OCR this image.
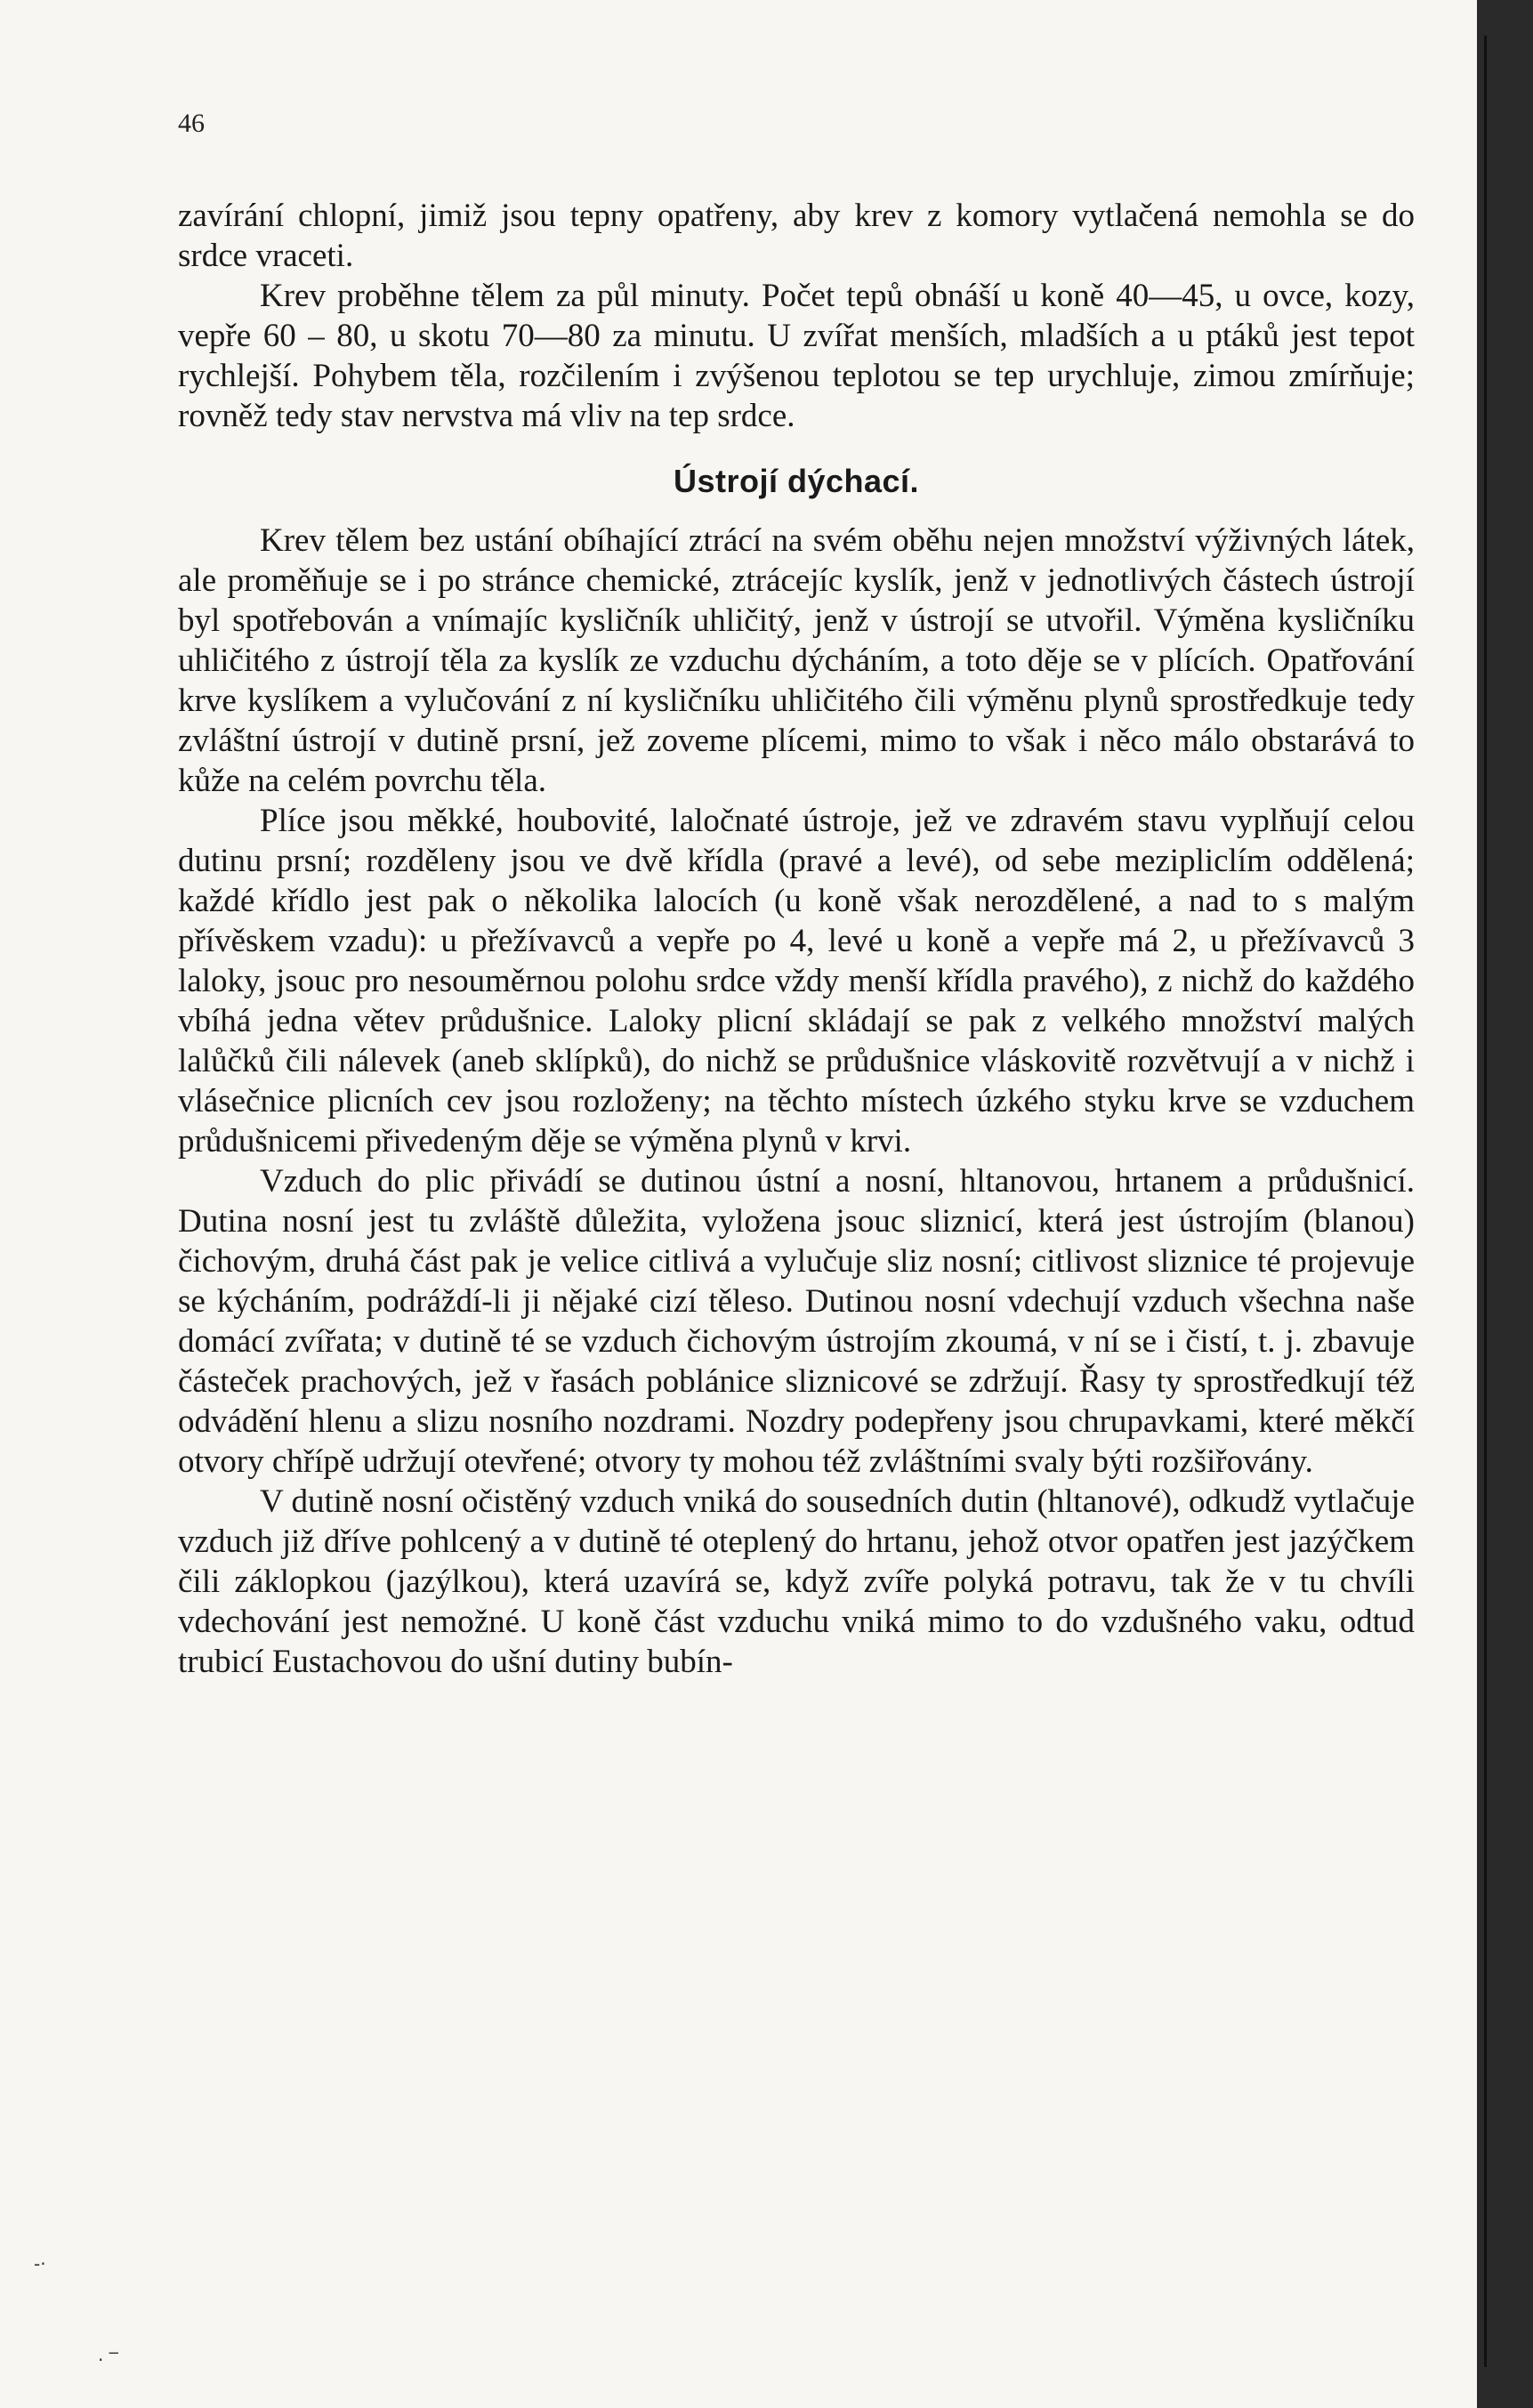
46

zavírání chlopní, jimiž jsou tepny opatřeny, aby krev z komory vytlačená nemohla se do srdce vraceti.

Krev proběhne tělem za půl minuty. Počet tepů obnáší u koně 40—45, u ovce, kozy, vepře 60 – 80, u skotu 70—80 za minutu. U zvířat menších, mladších a u ptáků jest tepot rychlejší. Pohybem těla, rozčilením i zvýšenou teplotou se tep urychluje, zimou zmírňuje; rovněž tedy stav nervstva má vliv na tep srdce.

Ústrojí dýchací.

Krev tělem bez ustání obíhající ztrácí na svém oběhu nejen množství výživných látek, ale proměňuje se i po stránce chemické, ztrácejíc kyslík, jenž v jednotlivých částech ústrojí byl spotřebován a vnímajíc kysličník uhličitý, jenž v ústrojí se utvořil. Výměna kysličníku uhličitého z ústrojí těla za kyslík ze vzduchu dýcháním, a toto děje se v plících. Opatřování krve kyslíkem a vylučování z ní kysličníku uhličitého čili výměnu plynů sprostředkuje tedy zvláštní ústrojí v dutině prsní, jež zoveme plícemi, mimo to však i něco málo obstarává to kůže na celém povrchu těla.

Plíce jsou měkké, houbovité, laločnaté ústroje, jež ve zdravém stavu vyplňují celou dutinu prsní; rozděleny jsou ve dvě křídla (pravé a levé), od sebe mezipliclím oddělená; každé křídlo jest pak o několika lalocích (u koně však nerozdělené, a nad to s malým přívěskem vzadu): u přežívavců a vepře po 4, levé u koně a vepře má 2, u přežívavců 3 laloky, jsouc pro nesouměrnou polohu srdce vždy menší křídla pravého), z nichž do každého vbíhá jedna větev průdušnice. Laloky plicní skládají se pak z velkého množství malých lalůčků čili nálevek (aneb sklípků), do nichž se průdušnice vláskovitě rozvětvují a v nichž i vlásečnice plicních cev jsou rozloženy; na těchto místech úzkého styku krve se vzduchem průdušnicemi přivedeným děje se výměna plynů v krvi.

Vzduch do plic přivádí se dutinou ústní a nosní, hltanovou, hrtanem a průdušnicí. Dutina nosní jest tu zvláště důležita, vyložena jsouc sliznicí, která jest ústrojím (blanou) čichovým, druhá část pak je velice citlivá a vylučuje sliz nosní; citlivost sliznice té projevuje se kýcháním, podráždí-li ji nějaké cizí těleso. Dutinou nosní vdechují vzduch všechna naše domácí zvířata; v dutině té se vzduch čichovým ústrojím zkoumá, v ní se i čistí, t. j. zbavuje částeček prachových, jež v řasách poblánice sliznicové se zdržují. Řasy ty sprostředkují též odvádění hlenu a slizu nosního nozdrami. Nozdry podepřeny jsou chrupavkami, které měkčí otvory chřípě udržují otevřené; otvory ty mohou též zvláštními svaly býti rozšiřovány.

V dutině nosní očistěný vzduch vniká do sousedních dutin (hltanové), odkudž vytlačuje vzduch již dříve pohlcený a v dutině té oteplený do hrtanu, jehož otvor opatřen jest jazýčkem čili záklopkou (jazýlkou), která uzavírá se, když zvíře polyká potravu, tak že v tu chvíli vdechování jest nemožné. U koně část vzduchu vniká mimo to do vzdušného vaku, odtud trubicí Eustachovou do ušní dutiny bubín-

-·
· ‾
